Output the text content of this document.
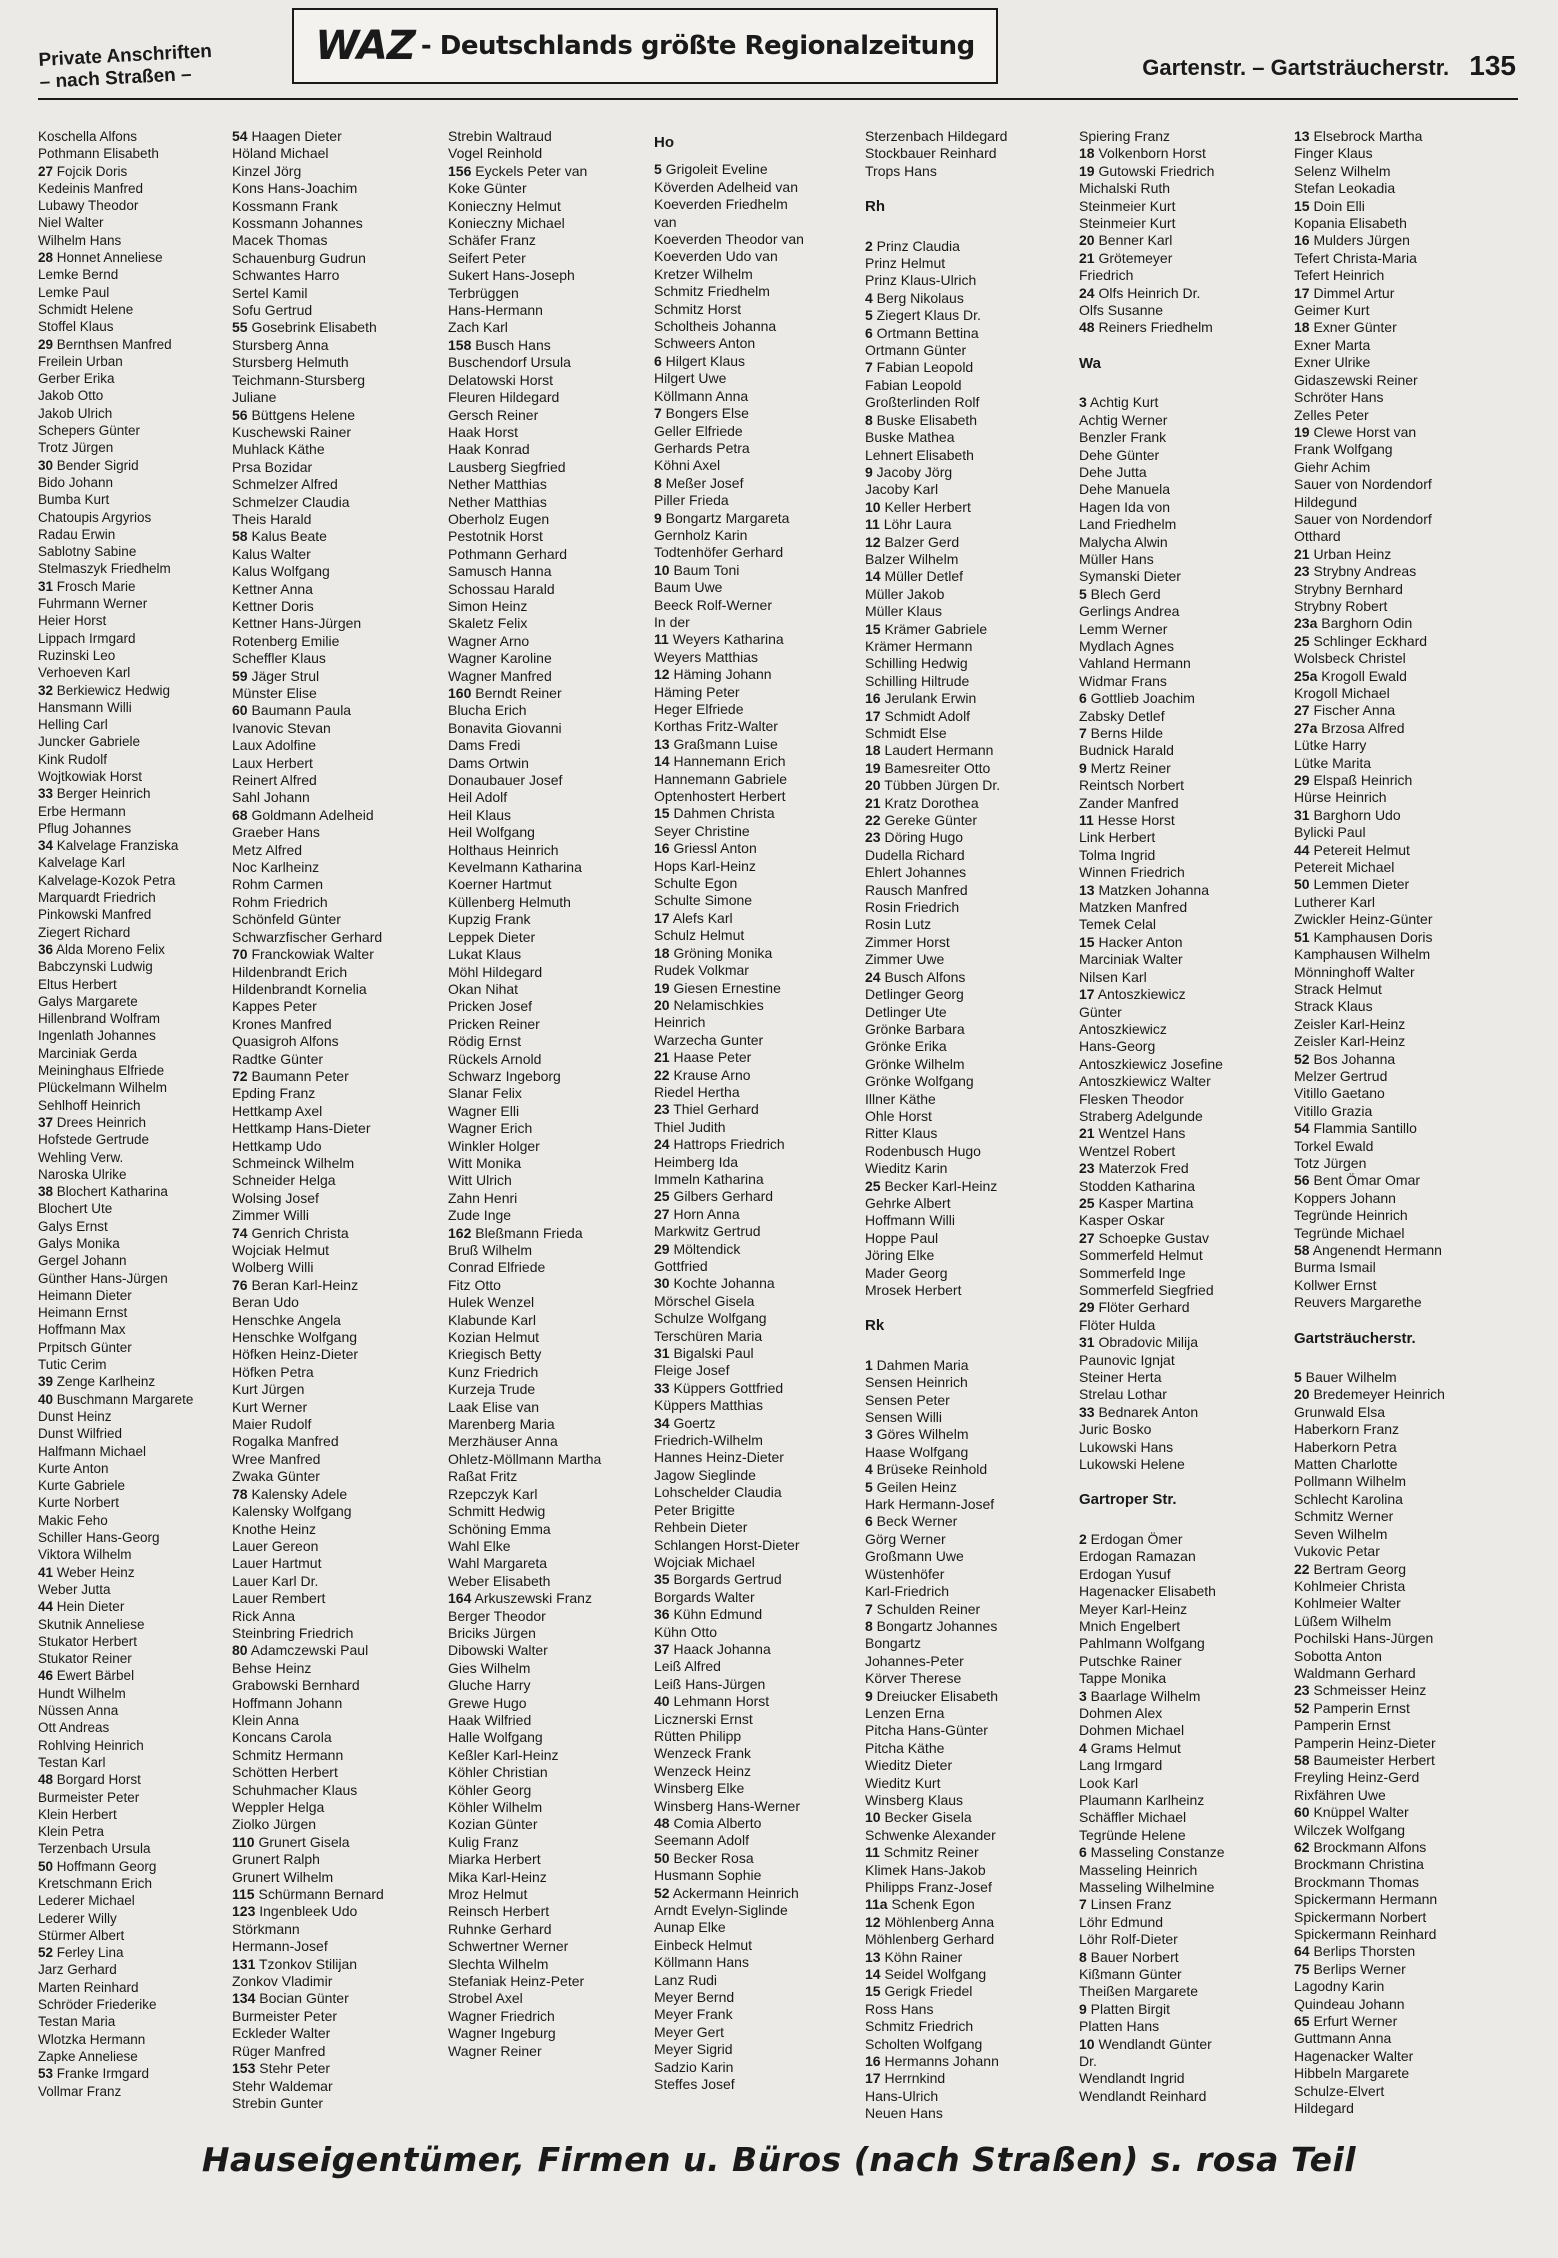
Private Anschriften
– nach Straßen –
WAZ - Deutschlands größte Regionalzeitung
Gartenstr. – Gartsträucherstr. 135
Koschella Alfons
Pothmann Elisabeth
27 Fojcik Doris
Kedeinis Manfred
Lubawy Theodor
Niel Walter
Wilhelm Hans
28 Honnet Anneliese
Lemke Bernd
Lemke Paul
Schmidt Helene
Stoffel Klaus
29 Bernthsen Manfred
Freilein Urban
Gerber Erika
Jakob Otto
Jakob Ulrich
Schepers Günter
Trotz Jürgen
30 Bender Sigrid
Bido Johann
Bumba Kurt
Chatoupis Argyrios
Radau Erwin
Sablotny Sabine
Stelmaszyk Friedhelm
31 Frosch Marie
Fuhrmann Werner
Heier Horst
Lippach Irmgard
Ruzinski Leo
Verhoeven Karl
32 Berkiewicz Hedwig
Hansmann Willi
Helling Carl
Juncker Gabriele
Kink Rudolf
Wojtkowiak Horst
33 Berger Heinrich
Erbe Hermann
Pflug Johannes
34 Kalvelage Franziska
Kalvelage Karl
Kalvelage-Kozok Petra
Marquardt Friedrich
Pinkowski Manfred
Ziegert Richard
36 Alda Moreno Felix
Babczynski Ludwig
Eltus Herbert
Galys Margarete
Hillenbrand Wolfram
Ingenlath Johannes
Marciniak Gerda
Meininghaus Elfriede
Plückelmann Wilhelm
Sehlhoff Heinrich
37 Drees Heinrich
Hofstede Gertrude
Wehling Verw.
Naroska Ulrike
38 Blochert Katharina
Blochert Ute
Galys Ernst
Galys Monika
Gergel Johann
Günther Hans-Jürgen
Heimann Dieter
Heimann Ernst
Hoffmann Max
Prpitsch Günter
Tutic Cerim
39 Zenge Karlheinz
40 Buschmann Margarete
Dunst Heinz
Dunst Wilfried
Halfmann Michael
Kurte Anton
Kurte Gabriele
Kurte Norbert
Makic Feho
Schiller Hans-Georg
Viktora Wilhelm
41 Weber Heinz
Weber Jutta
44 Hein Dieter
Skutnik Anneliese
Stukator Herbert
Stukator Reiner
46 Ewert Bärbel
Hundt Wilhelm
Nüssen Anna
Ott Andreas
Rohlving Heinrich
Testan Karl
48 Borgard Horst
Burmeister Peter
Klein Herbert
Klein Petra
Terzenbach Ursula
50 Hoffmann Georg
Kretschmann Erich
Lederer Michael
Lederer Willy
Stürmer Albert
52 Ferley Lina
Jarz Gerhard
Marten Reinhard
Schröder Friederike
Testan Maria
Wlotzka Hermann
Zapke Anneliese
53 Franke Irmgard
Vollmar Franz
54 Haagen Dieter
Höland Michael
Kinzel Jörg
Kons Hans-Joachim
Kossmann Frank
Kossmann Johannes
Macek Thomas
Schauenburg Gudrun
Schwantes Harro
Sertel Kamil
Sofu Gertrud
55 Gosebrink Elisabeth
Stursberg Anna
Stursberg Helmuth
Teichmann-Stursberg
Juliane
56 Büttgens Helene
Kuschewski Rainer
Muhlack Käthe
Prsa Bozidar
Schmelzer Alfred
Schmelzer Claudia
Theis Harald
58 Kalus Beate
Kalus Walter
Kalus Wolfgang
Kettner Anna
Kettner Doris
Kettner Hans-Jürgen
Rotenberg Emilie
Scheffler Klaus
59 Jäger Strul
Münster Elise
60 Baumann Paula
Ivanovic Stevan
Laux Adolfine
Laux Herbert
Reinert Alfred
Sahl Johann
68 Goldmann Adelheid
Graeber Hans
Metz Alfred
Noc Karlheinz
Rohm Carmen
Rohm Friedrich
Schönfeld Günter
Schwarzfischer Gerhard
70 Franckowiak Walter
Hildenbrandt Erich
Hildenbrandt Kornelia
Kappes Peter
Krones Manfred
Quasigroh Alfons
Radtke Günter
72 Baumann Peter
Epding Franz
Hettkamp Axel
Hettkamp Hans-Dieter
Hettkamp Udo
Schmeinck Wilhelm
Schneider Helga
Wolsing Josef
Zimmer Willi
74 Genrich Christa
Wojciak Helmut
Wolberg Willi
76 Beran Karl-Heinz
Beran Udo
Henschke Angela
Henschke Wolfgang
Höfken Heinz-Dieter
Höfken Petra
Kurt Jürgen
Kurt Werner
Maier Rudolf
Rogalka Manfred
Wree Manfred
Zwaka Günter
78 Kalensky Adele
Kalensky Wolfgang
Knothe Heinz
Lauer Gereon
Lauer Hartmut
Lauer Karl Dr.
Lauer Rembert
Rick Anna
Steinbring Friedrich
80 Adamczewski Paul
Behse Heinz
Grabowski Bernhard
Hoffmann Johann
Klein Anna
Koncans Carola
Schmitz Hermann
Schötten Herbert
Schuhmacher Klaus
Weppler Helga
Ziolko Jürgen
110 Grunert Gisela
Grunert Ralph
Grunert Wilhelm
115 Schürmann Bernard
123 Ingenbleek Udo
Störkmann
Hermann-Josef
131 Tzonkov Stilijan
Zonkov Vladimir
134 Bocian Günter
Burmeister Peter
Eckleder Walter
Rüger Manfred
153 Stehr Peter
Stehr Waldemar
Strebin Gunter
Strebin Waltraud
Vogel Reinhold
156 Eyckels Peter van
Koke Günter
Konieczny Helmut
Konieczny Michael
Schäfer Franz
Seifert Peter
Sukert Hans-Joseph
Terbrüggen
Hans-Hermann
Zach Karl
158 Busch Hans
Buschendorf Ursula
Delatowski Horst
Fleuren Hildegard
Gersch Reiner
Haak Horst
Haak Konrad
Lausberg Siegfried
Nether Matthias
Nether Matthias
Oberholz Eugen
Pestotnik Horst
Pothmann Gerhard
Samusch Hanna
Schossau Harald
Simon Heinz
Skaletz Felix
Wagner Arno
Wagner Karoline
Wagner Manfred
160 Berndt Reiner
Blucha Erich
Bonavita Giovanni
Dams Fredi
Dams Ortwin
Donaubauer Josef
Heil Adolf
Heil Klaus
Heil Wolfgang
Holthaus Heinrich
Kevelmann Katharina
Koerner Hartmut
Küllenberg Helmuth
Kupzig Frank
Leppek Dieter
Lukat Klaus
Möhl Hildegard
Okan Nihat
Pricken Josef
Pricken Reiner
Rödig Ernst
Rückels Arnold
Schwarz Ingeborg
Slanar Felix
Wagner Elli
Wagner Erich
Winkler Holger
Witt Monika
Witt Ulrich
Zahn Henri
Zude Inge
162 Bleßmann Frieda
Bruß Wilhelm
Conrad Elfriede
Fitz Otto
Hulek Wenzel
Klabunde Karl
Kozian Helmut
Kriegisch Betty
Kunz Friedrich
Kurzeja Trude
Laak Elise van
Marenberg Maria
Merzhäuser Anna
Ohletz-Möllmann Martha
Raßat Fritz
Rzepczyk Karl
Schmitt Hedwig
Schöning Emma
Wahl Elke
Wahl Margareta
Weber Elisabeth
164 Arkuszewski Franz
Berger Theodor
Briciks Jürgen
Dibowski Walter
Gies Wilhelm
Gluche Harry
Grewe Hugo
Haak Wilfried
Halle Wolfgang
Keßler Karl-Heinz
Köhler Christian
Köhler Georg
Köhler Wilhelm
Kozian Günter
Kulig Franz
Miarka Herbert
Mika Karl-Heinz
Mroz Helmut
Reinsch Herbert
Ruhnke Gerhard
Schwertner Werner
Slechta Wilhelm
Stefaniak Heinz-Peter
Strobel Axel
Wagner Friedrich
Wagner Ingeburg
Wagner Reiner
Ho
5 Grigoleit Eveline
Köverden Adelheid van
Koeverden Friedhelm
van
Koeverden Theodor van
Koeverden Udo van
Kretzer Wilhelm
Schmitz Friedhelm
Schmitz Horst
Scholtheis Johanna
Schweers Anton
6 Hilgert Klaus
Hilgert Uwe
Köllmann Anna
7 Bongers Else
Geller Elfriede
Gerhards Petra
Köhni Axel
8 Meßer Josef
Piller Frieda
9 Bongartz Margareta
Gernholz Karin
Todtenhöfer Gerhard
10 Baum Toni
Baum Uwe
Beeck Rolf-Werner
In der
11 Weyers Katharina
Weyers Matthias
12 Häming Johann
Häming Peter
Heger Elfriede
Korthas Fritz-Walter
13 Graßmann Luise
14 Hannemann Erich
Hannemann Gabriele
Optenhostert Herbert
15 Dahmen Christa
Seyer Christine
16 Griessl Anton
Hops Karl-Heinz
Schulte Egon
Schulte Simone
17 Alefs Karl
Schulz Helmut
18 Gröning Monika
Rudek Volkmar
19 Giesen Ernestine
20 Nelamischkies
Heinrich
Warzecha Gunter
21 Haase Peter
22 Krause Arno
Riedel Hertha
23 Thiel Gerhard
Thiel Judith
24 Hattrops Friedrich
Heimberg Ida
Immeln Katharina
25 Gilbers Gerhard
27 Horn Anna
Markwitz Gertrud
29 Möltendick
Gottfried
30 Kochte Johanna
Mörschel Gisela
Schulze Wolfgang
Terschüren Maria
31 Bigalski Paul
Fleige Josef
33 Küppers Gottfried
Küppers Matthias
34 Goertz
Friedrich-Wilhelm
Hannes Heinz-Dieter
Jagow Sieglinde
Lohschelder Claudia
Peter Brigitte
Rehbein Dieter
Schlangen Horst-Dieter
Wojciak Michael
35 Borgards Gertrud
Borgards Walter
36 Kühn Edmund
Kühn Otto
37 Haack Johanna
Leiß Alfred
Leiß Hans-Jürgen
40 Lehmann Horst
Licznerski Ernst
Rütten Philipp
Wenzeck Frank
Wenzeck Heinz
Winsberg Elke
Winsberg Hans-Werner
48 Comia Alberto
Seemann Adolf
50 Becker Rosa
Husmann Sophie
52 Ackermann Heinrich
Arndt Evelyn-Siglinde
Aunap Elke
Einbeck Helmut
Köllmann Hans
Lanz Rudi
Meyer Bernd
Meyer Frank
Meyer Gert
Meyer Sigrid
Sadzio Karin
Steffes Josef
Sterzenbach Hildegard
Stockbauer Reinhard
Trops Hans
Rh
2 Prinz Claudia
Prinz Helmut
Prinz Klaus-Ulrich
4 Berg Nikolaus
5 Ziegert Klaus Dr.
6 Ortmann Bettina
Ortmann Günter
7 Fabian Leopold
Fabian Leopold
Großterlinden Rolf
8 Buske Elisabeth
Buske Mathea
Lehnert Elisabeth
9 Jacoby Jörg
Jacoby Karl
10 Keller Herbert
11 Löhr Laura
12 Balzer Gerd
Balzer Wilhelm
14 Müller Detlef
Müller Jakob
Müller Klaus
15 Krämer Gabriele
Krämer Hermann
Schilling Hedwig
Schilling Hiltrude
16 Jerulank Erwin
17 Schmidt Adolf
Schmidt Else
18 Laudert Hermann
19 Bamesreiter Otto
20 Tübben Jürgen Dr.
21 Kratz Dorothea
22 Gereke Günter
23 Döring Hugo
Dudella Richard
Ehlert Johannes
Rausch Manfred
Rosin Friedrich
Rosin Lutz
Zimmer Horst
Zimmer Uwe
24 Busch Alfons
Detlinger Georg
Detlinger Ute
Grönke Barbara
Grönke Erika
Grönke Wilhelm
Grönke Wolfgang
Illner Käthe
Ohle Horst
Ritter Klaus
Rodenbusch Hugo
Wieditz Karin
25 Becker Karl-Heinz
Gehrke Albert
Hoffmann Willi
Hoppe Paul
Jöring Elke
Mader Georg
Mrosek Herbert
Rk
1 Dahmen Maria
Sensen Heinrich
Sensen Peter
Sensen Willi
3 Göres Wilhelm
Haase Wolfgang
4 Brüseke Reinhold
5 Geilen Heinz
Hark Hermann-Josef
6 Beck Werner
Görg Werner
Großmann Uwe
Wüstenhöfer
Karl-Friedrich
7 Schulden Reiner
8 Bongartz Johannes
Bongartz
Johannes-Peter
Körver Therese
9 Dreiucker Elisabeth
Lenzen Erna
Pitcha Hans-Günter
Pitcha Käthe
Wieditz Dieter
Wieditz Kurt
Winsberg Klaus
10 Becker Gisela
Schwenke Alexander
11 Schmitz Reiner
Klimek Hans-Jakob
Philipps Franz-Josef
11a Schenk Egon
12 Möhlenberg Anna
Möhlenberg Gerhard
13 Köhn Rainer
14 Seidel Wolfgang
15 Gerigk Friedel
Ross Hans
Schmitz Friedrich
Scholten Wolfgang
16 Hermanns Johann
17 Herrnkind
Hans-Ulrich
Neuen Hans
Spiering Franz
18 Volkenborn Horst
19 Gutowski Friedrich
Michalski Ruth
Steinmeier Kurt
Steinmeier Kurt
20 Benner Karl
21 Grötemeyer
Friedrich
24 Olfs Heinrich Dr.
Olfs Susanne
48 Reiners Friedhelm
Wa
3 Achtig Kurt
Achtig Werner
Benzler Frank
Dehe Günter
Dehe Jutta
Dehe Manuela
Hagen Ida von
Land Friedhelm
Malycha Alwin
Müller Hans
Symanski Dieter
5 Blech Gerd
Gerlings Andrea
Lemm Werner
Mydlach Agnes
Vahland Hermann
Widmar Frans
6 Gottlieb Joachim
Zabsky Detlef
7 Berns Hilde
Budnick Harald
9 Mertz Reiner
Reintsch Norbert
Zander Manfred
11 Hesse Horst
Link Herbert
Tolma Ingrid
Winnen Friedrich
13 Matzken Johanna
Matzken Manfred
Temek Celal
15 Hacker Anton
Marciniak Walter
Nilsen Karl
17 Antoszkiewicz
Günter
Antoszkiewicz
Hans-Georg
Antoszkiewicz Josefine
Antoszkiewicz Walter
Flesken Theodor
Straberg Adelgunde
21 Wentzel Hans
Wentzel Robert
23 Materzok Fred
Stodden Katharina
25 Kasper Martina
Kasper Oskar
27 Schoepke Gustav
Sommerfeld Helmut
Sommerfeld Inge
Sommerfeld Siegfried
29 Flöter Gerhard
Flöter Hulda
31 Obradovic Milija
Paunovic Ignjat
Steiner Herta
Strelau Lothar
33 Bednarek Anton
Juric Bosko
Lukowski Hans
Lukowski Helene
Gartroper Str.
2 Erdogan Ömer
Erdogan Ramazan
Erdogan Yusuf
Hagenacker Elisabeth
Meyer Karl-Heinz
Mnich Engelbert
Pahlmann Wolfgang
Putschke Rainer
Tappe Monika
3 Baarlage Wilhelm
Dohmen Alex
Dohmen Michael
4 Grams Helmut
Lang Irmgard
Look Karl
Plaumann Karlheinz
Schäffler Michael
Tegründe Helene
6 Masseling Constanze
Masseling Heinrich
Masseling Wilhelmine
7 Linsen Franz
Löhr Edmund
Löhr Rolf-Dieter
8 Bauer Norbert
Kißmann Günter
Theißen Margarete
9 Platten Birgit
Platten Hans
10 Wendlandt Günter
Dr.
Wendlandt Ingrid
Wendlandt Reinhard
13 Elsebrock Martha
Finger Klaus
Selenz Wilhelm
Stefan Leokadia
15 Doin Elli
Kopania Elisabeth
16 Mulders Jürgen
Tefert Christa-Maria
Tefert Heinrich
17 Dimmel Artur
Geimer Kurt
18 Exner Günter
Exner Marta
Exner Ulrike
Gidaszewski Reiner
Schröter Hans
Zelles Peter
19 Clewe Horst van
Frank Wolfgang
Giehr Achim
Sauer von Nordendorf
Hildegund
Sauer von Nordendorf
Otthard
21 Urban Heinz
23 Strybny Andreas
Strybny Bernhard
Strybny Robert
23a Barghorn Odin
25 Schlinger Eckhard
Wolsbeck Christel
25a Krogoll Ewald
Krogoll Michael
27 Fischer Anna
27a Brzosa Alfred
Lütke Harry
Lütke Marita
29 Elspaß Heinrich
Hürse Heinrich
31 Barghorn Udo
Bylicki Paul
44 Petereit Helmut
Petereit Michael
50 Lemmen Dieter
Lutherer Karl
Zwickler Heinz-Günter
51 Kamphausen Doris
Kamphausen Wilhelm
Mönninghoff Walter
Strack Helmut
Strack Klaus
Zeisler Karl-Heinz
Zeisler Karl-Heinz
52 Bos Johanna
Melzer Gertrud
Vitillo Gaetano
Vitillo Grazia
54 Flammia Santillo
Torkel Ewald
Totz Jürgen
56 Bent Ömar Omar
Koppers Johann
Tegründe Heinrich
Tegründe Michael
58 Angenendt Hermann
Burma Ismail
Kollwer Ernst
Reuvers Margarethe
Gartsträucherstr.
5 Bauer Wilhelm
20 Bredemeyer Heinrich
Grunwald Elsa
Haberkorn Franz
Haberkorn Petra
Matten Charlotte
Pollmann Wilhelm
Schlecht Karolina
Schmitz Werner
Seven Wilhelm
Vukovic Petar
22 Bertram Georg
Kohlmeier Christa
Kohlmeier Walter
Lüßem Wilhelm
Pochilski Hans-Jürgen
Sobotta Anton
Waldmann Gerhard
23 Schmeisser Heinz
52 Pamperin Ernst
Pamperin Ernst
Pamperin Heinz-Dieter
58 Baumeister Herbert
Freyling Heinz-Gerd
Rixfähren Uwe
60 Knüppel Walter
Wilczek Wolfgang
62 Brockmann Alfons
Brockmann Christina
Brockmann Thomas
Spickermann Hermann
Spickermann Norbert
Spickermann Reinhard
64 Berlips Thorsten
75 Berlips Werner
Lagodny Karin
Quindeau Johann
65 Erfurt Werner
Guttmann Anna
Hagenacker Walter
Hibbeln Margarete
Schulze-Elvert
Hildegard
Hauseigentümer, Firmen u. Büros (nach Straßen) s. rosa Teil
